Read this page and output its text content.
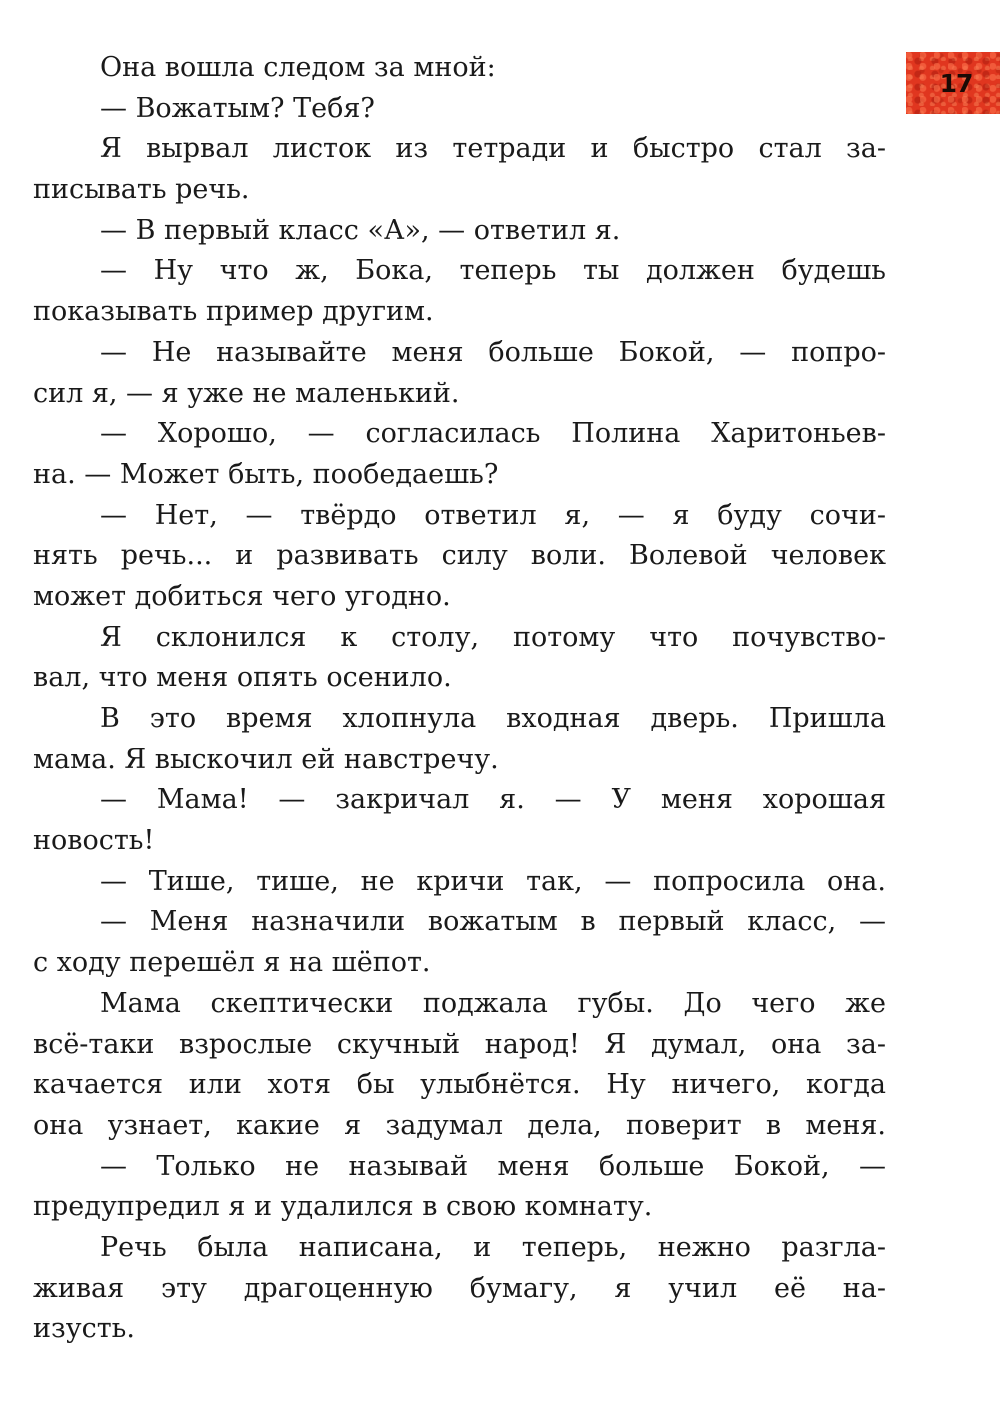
17
Она вошла следом за мной:
— Вожатым? Тебя?
Я вырвал листок из тетради и быстро стал за-
писывать речь.
— В первый класс «А», — ответил я.
— Ну что ж, Бока, теперь ты должен будешь
показывать пример другим.
— Не называйте меня больше Бокой, — попро-
сил я, — я уже не маленький.
— Хорошо, — согласилась Полина Харитоньев-
на. — Может быть, пообедаешь?
— Нет, — твёрдо ответил я, — я буду сочи-
нять речь... и развивать силу воли. Волевой человек
может добиться чего угодно.
Я склонился к столу, потому что почувство-
вал, что меня опять осенило.
В это время хлопнула входная дверь. Пришла
мама. Я выскочил ей навстречу.
— Мама! — закричал я. — У меня хорошая
новость!
— Тише, тише, не кричи так, — попросила она.
— Меня назначили вожатым в первый класс, —
с ходу перешёл я на шёпот.
Мама скептически поджала губы. До чего же
всё-таки взрослые скучный народ! Я думал, она за-
качается или хотя бы улыбнётся. Ну ничего, когда
она узнает, какие я задумал дела, поверит в меня.
— Только не называй меня больше Бокой, —
предупредил я и удалился в свою комнату.
Речь была написана, и теперь, нежно разгла-
живая эту драгоценную бумагу, я учил её на-
изусть.
